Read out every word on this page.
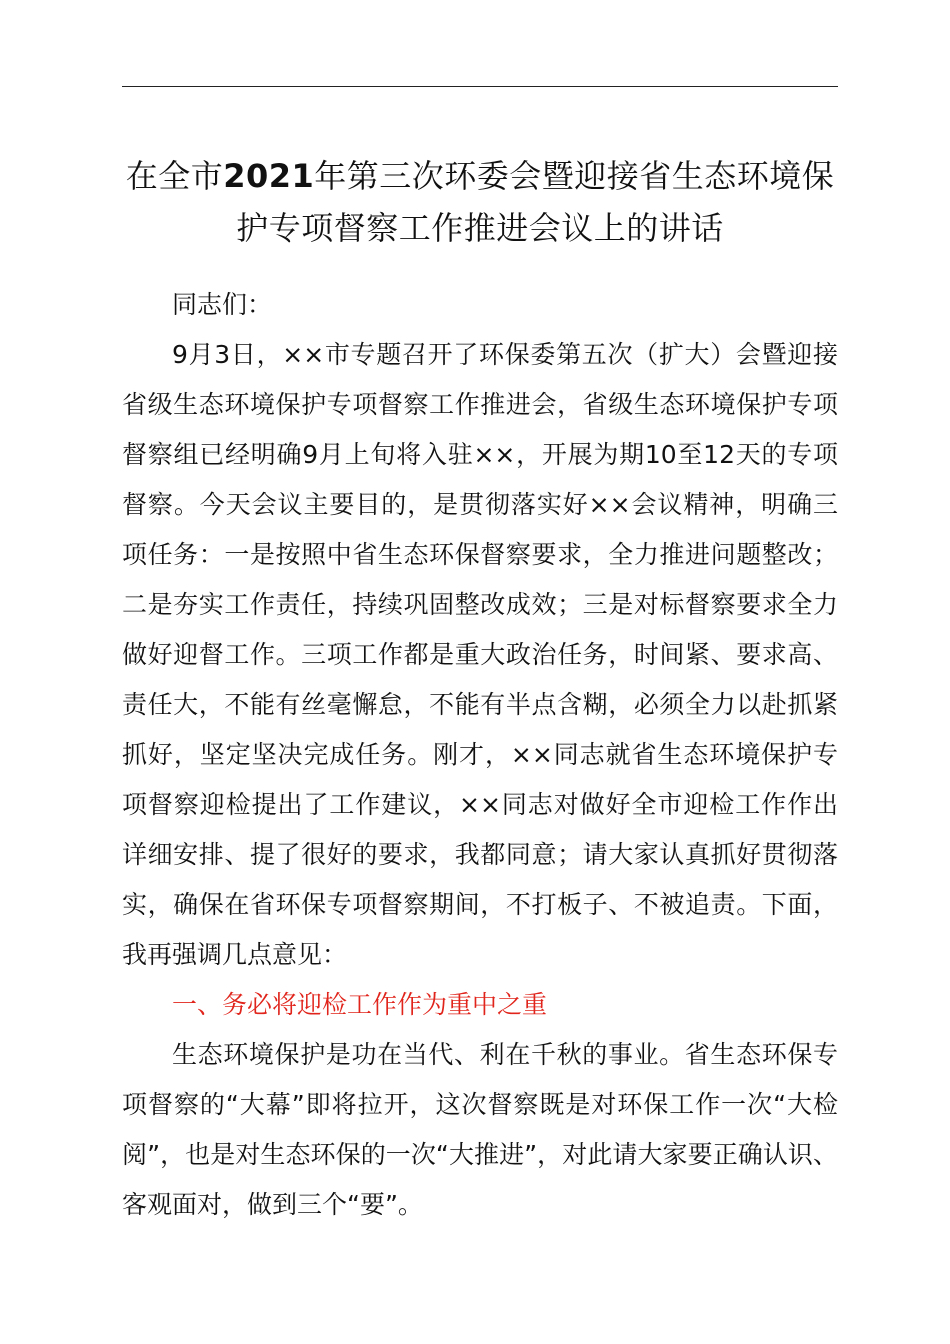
在全市2021年第三次环委会暨迎接省生态环境保护专项督察工作推进会议上的讲话

同志们：

9月3日，××市专题召开了环保委第五次（扩大）会暨迎接省级生态环境保护专项督察工作推进会，省级生态环境保护专项督察组已经明确9月上旬将入驻××，开展为期10至12天的专项督察。今天会议主要目的，是贯彻落实好××会议精神，明确三项任务：一是按照中省生态环保督察要求，全力推进问题整改；二是夯实工作责任，持续巩固整改成效；三是对标督察要求全力做好迎督工作。三项工作都是重大政治任务，时间紧、要求高、责任大，不能有丝毫懈怠，不能有半点含糊，必须全力以赴抓紧抓好，坚定坚决完成任务。刚才，××同志就省生态环境保护专项督察迎检提出了工作建议，××同志对做好全市迎检工作作出详细安排、提了很好的要求，我都同意；请大家认真抓好贯彻落实，确保在省环保专项督察期间，不打板子、不被追责。下面，我再强调几点意见：

一、务必将迎检工作作为重中之重

生态环境保护是功在当代、利在千秋的事业。省生态环保专项督察的“大幕”即将拉开，这次督察既是对环保工作一次“大检阅”，也是对生态环保的一次“大推进”，对此请大家要正确认识、客观面对，做到三个“要”。
